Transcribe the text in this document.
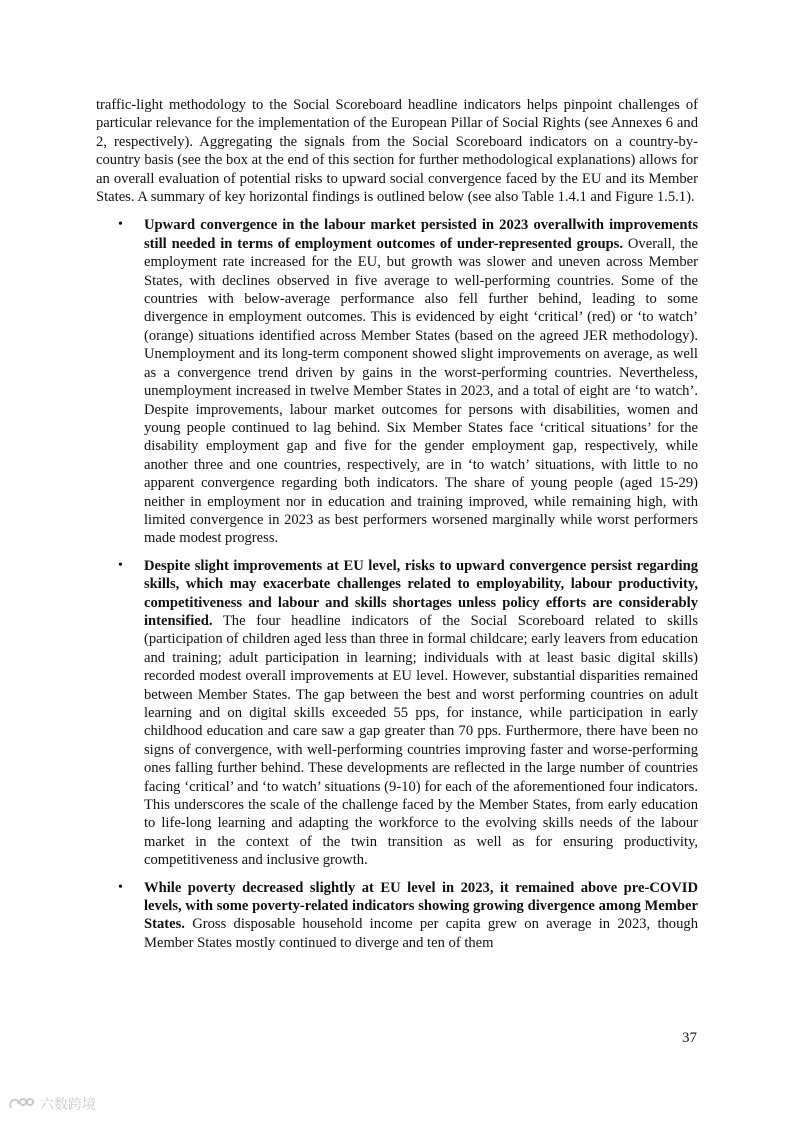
traffic-light methodology to the Social Scoreboard headline indicators helps pinpoint challenges of particular relevance for the implementation of the European Pillar of Social Rights (see Annexes 6 and 2, respectively). Aggregating the signals from the Social Scoreboard indicators on a country-by-country basis (see the box at the end of this section for further methodological explanations) allows for an overall evaluation of potential risks to upward social convergence faced by the EU and its Member States. A summary of key horizontal findings is outlined below (see also Table 1.4.1 and Figure 1.5.1).

• Upward convergence in the labour market persisted in 2023 overallwith improvements still needed in terms of employment outcomes of under-represented groups. Overall, the employment rate increased for the EU, but growth was slower and uneven across Member States, with declines observed in five average to well-performing countries. Some of the countries with below-average performance also fell further behind, leading to some divergence in employment outcomes. This is evidenced by eight ‘critical’ (red) or ‘to watch’ (orange) situations identified across Member States (based on the agreed JER methodology). Unemployment and its long-term component showed slight improvements on average, as well as a convergence trend driven by gains in the worst-performing countries. Nevertheless, unemployment increased in twelve Member States in 2023, and a total of eight are ‘to watch’. Despite improvements, labour market outcomes for persons with disabilities, women and young people continued to lag behind. Six Member States face ‘critical situations’ for the disability employment gap and five for the gender employment gap, respectively, while another three and one countries, respectively, are in ‘to watch’ situations, with little to no apparent convergence regarding both indicators. The share of young people (aged 15-29) neither in employment nor in education and training improved, while remaining high, with limited convergence in 2023 as best performers worsened marginally while worst performers made modest progress.
• Despite slight improvements at EU level, risks to upward convergence persist regarding skills, which may exacerbate challenges related to employability, labour productivity, competitiveness and labour and skills shortages unless policy efforts are considerably intensified. The four headline indicators of the Social Scoreboard related to skills (participation of children aged less than three in formal childcare; early leavers from education and training; adult participation in learning; individuals with at least basic digital skills) recorded modest overall improvements at EU level. However, substantial disparities remained between Member States. The gap between the best and worst performing countries on adult learning and on digital skills exceeded 55 pps, for instance, while participation in early childhood education and care saw a gap greater than 70 pps. Furthermore, there have been no signs of convergence, with well-performing countries improving faster and worse-performing ones falling further behind. These developments are reflected in the large number of countries facing ‘critical’ and ‘to watch’ situations (9-10) for each of the aforementioned four indicators. This underscores the scale of the challenge faced by the Member States, from early education to life-long learning and adapting the workforce to the evolving skills needs of the labour market in the context of the twin transition as well as for ensuring productivity, competitiveness and inclusive growth.
• While poverty decreased slightly at EU level in 2023, it remained above pre-COVID levels, with some poverty-related indicators showing growing divergence among Member States. Gross disposable household income per capita grew on average in 2023, though Member States mostly continued to diverge and ten of them
37
六数跨境
